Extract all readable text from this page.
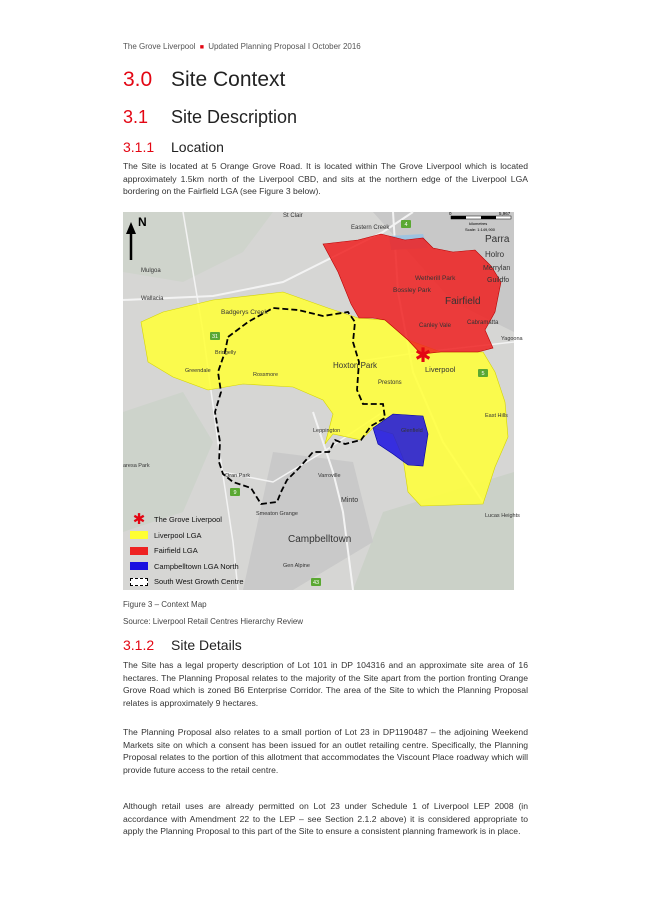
The Grove Liverpool ■ Updated Planning Proposal I October 2016
3.0 Site Context
3.1	Site Description
3.1.1	Location

The Site is located at 5 Orange Grove Road. It is located within The Grove Liverpool which is located approximately 1.5km north of the Liverpool CBD, and sits at the northern edge of the Liverpool LGA bordering on the Fairfield LGA (see Figure 3 below).

✱
N
0	5,967
kilometres
Scale: 1:149,900
St Clair
Eastern Creek
Parra
Holro
Merrylan
Guildfo
Mulgoa
Wetherill Park
Bossley Park
Fairfield
Wallacia
Badgerys Creek
Cabramatta
Canley Vale
Liverpool
Hoxton Park
Prestons
Bringelly
Rossmore
Greendale
Leppington	Glenfield
Varroville
Oran Park
Minto
Smeaton Grange
Campbelltown
Gen Alpine
Lucas Heights
East Hills
Yagoona
aresa Park
4
5
31
9
43
✱	The Grove Liverpool
Liverpool LGA
Fairfield LGA
Campbelltown LGA North
South West Growth Centre
Figure 3 – Context Map
Source: Liverpool Retail Centres Hierarchy Review
3.1.2	Site Details

The Site has a legal property description of Lot 101 in DP 104316 and an approximate site area of 16 hectares. The Planning Proposal relates to the majority of the Site apart from the portion fronting Orange Grove Road which is zoned B6 Enterprise Corridor. The area of the Site to which the Planning Proposal relates is approximately 9 hectares.

The Planning Proposal also relates to a small portion of Lot 23 in DP1190487 – the adjoining Weekend Markets site on which a consent has been issued for an outlet retailing centre. Specifically, the Planning Proposal relates to the portion of this allotment that accommodates the Viscount Place roadway which will provide future access to the retail centre.

Although retail uses are already permitted on Lot 23 under Schedule 1 of Liverpool LEP 2008 (in accordance with Amendment 22 to the LEP – see Section 2.1.2 above) it is considered appropriate to apply the Planning Proposal to this part of the Site to ensure a consistent planning framework is in place.
